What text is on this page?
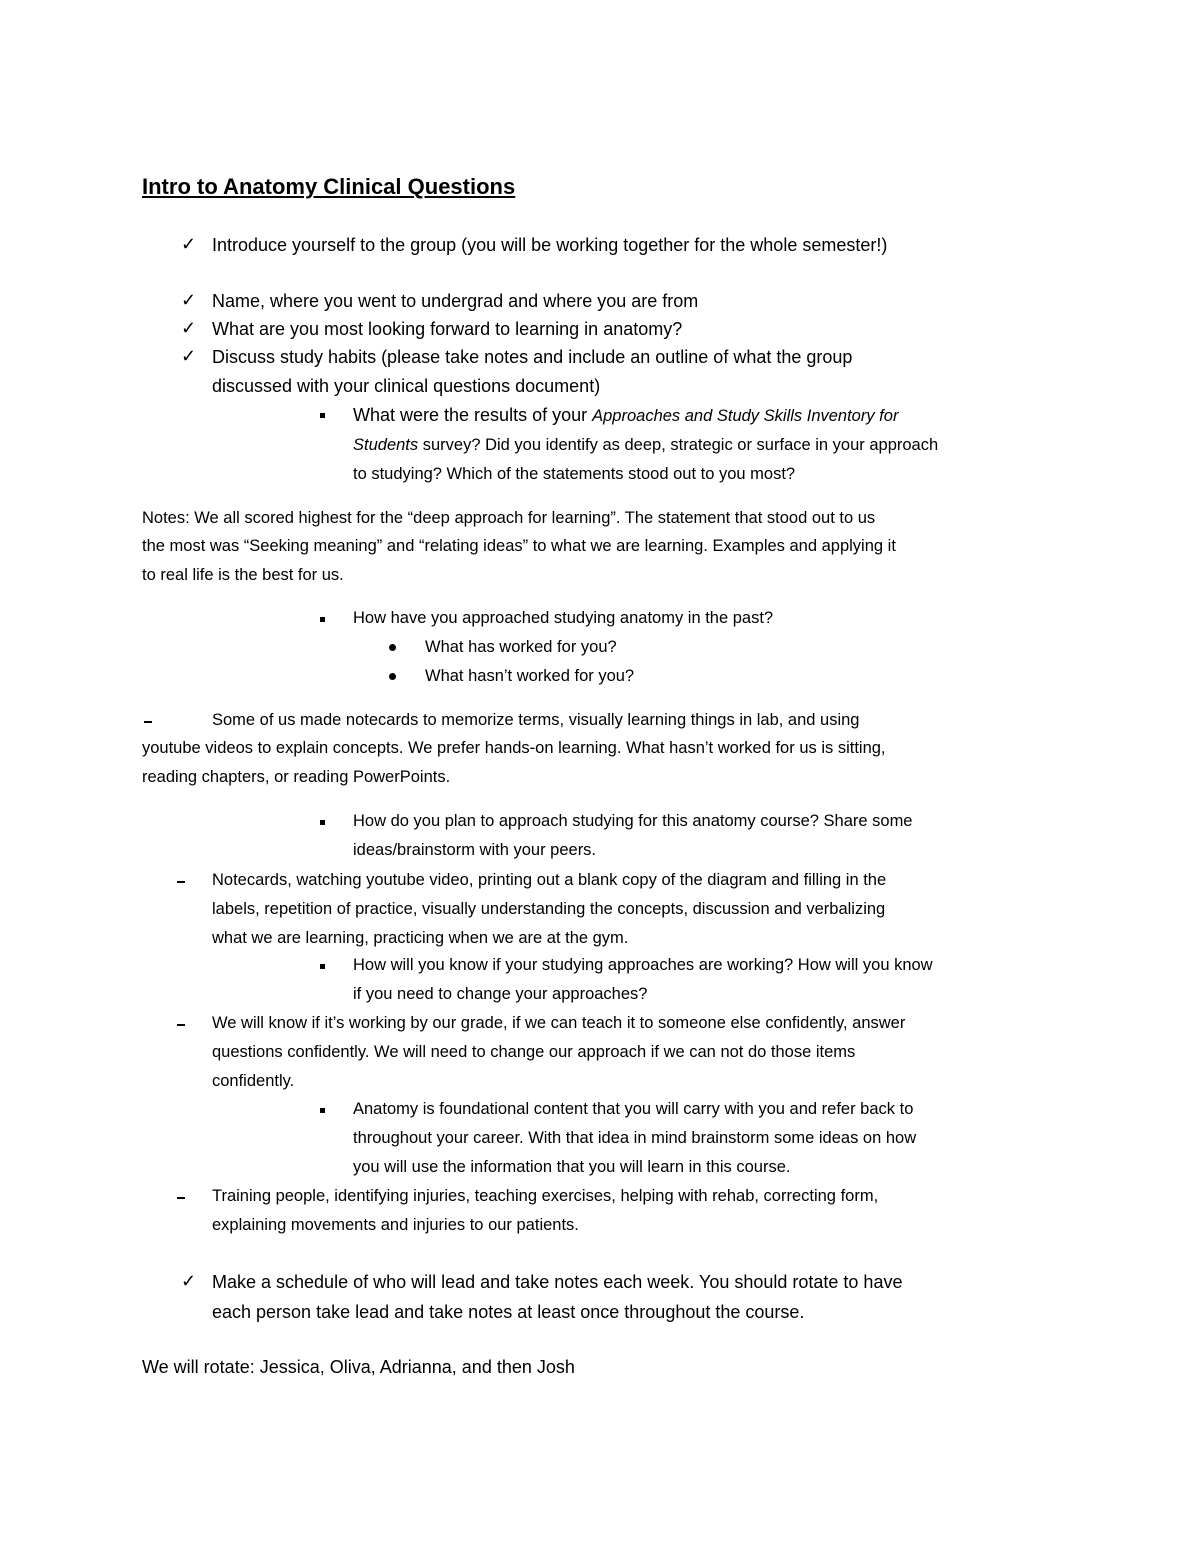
Intro to Anatomy Clinical Questions
✓ Introduce yourself to the group (you will be working together for the whole semester!)
✓ Name, where you went to undergrad and where you are from
✓ What are you most looking forward to learning in anatomy?
✓ Discuss study habits (please take notes and include an outline of what the group
discussed with your clinical questions document)
What were the results of your Approaches and Study Skills Inventory for
Students survey? Did you identify as deep, strategic or surface in your approach
to studying? Which of the statements stood out to you most?
Notes: We all scored highest for the “deep approach for learning”. The statement that stood out to us
the most was “Seeking meaning” and “relating ideas” to what we are learning. Examples and applying it
to real life is the best for us.
How have you approached studying anatomy in the past?
What has worked for you?
What hasn’t worked for you?
Some of us made notecards to memorize terms, visually learning things in lab, and using
youtube videos to explain concepts. We prefer hands-on learning. What hasn’t worked for us is sitting,
reading chapters, or reading PowerPoints.
How do you plan to approach studying for this anatomy course? Share some
ideas/brainstorm with your peers.
Notecards, watching youtube video, printing out a blank copy of the diagram and filling in the
labels, repetition of practice, visually understanding the concepts, discussion and verbalizing
what we are learning, practicing when we are at the gym.
How will you know if your studying approaches are working? How will you know
if you need to change your approaches?
We will know if it’s working by our grade, if we can teach it to someone else confidently, answer
questions confidently. We will need to change our approach if we can not do those items
confidently.
Anatomy is foundational content that you will carry with you and refer back to
throughout your career. With that idea in mind brainstorm some ideas on how
you will use the information that you will learn in this course.
Training people, identifying injuries, teaching exercises, helping with rehab, correcting form,
explaining movements and injuries to our patients.
✓ Make a schedule of who will lead and take notes each week. You should rotate to have
each person take lead and take notes at least once throughout the course.
We will rotate: Jessica, Oliva, Adrianna, and then Josh
